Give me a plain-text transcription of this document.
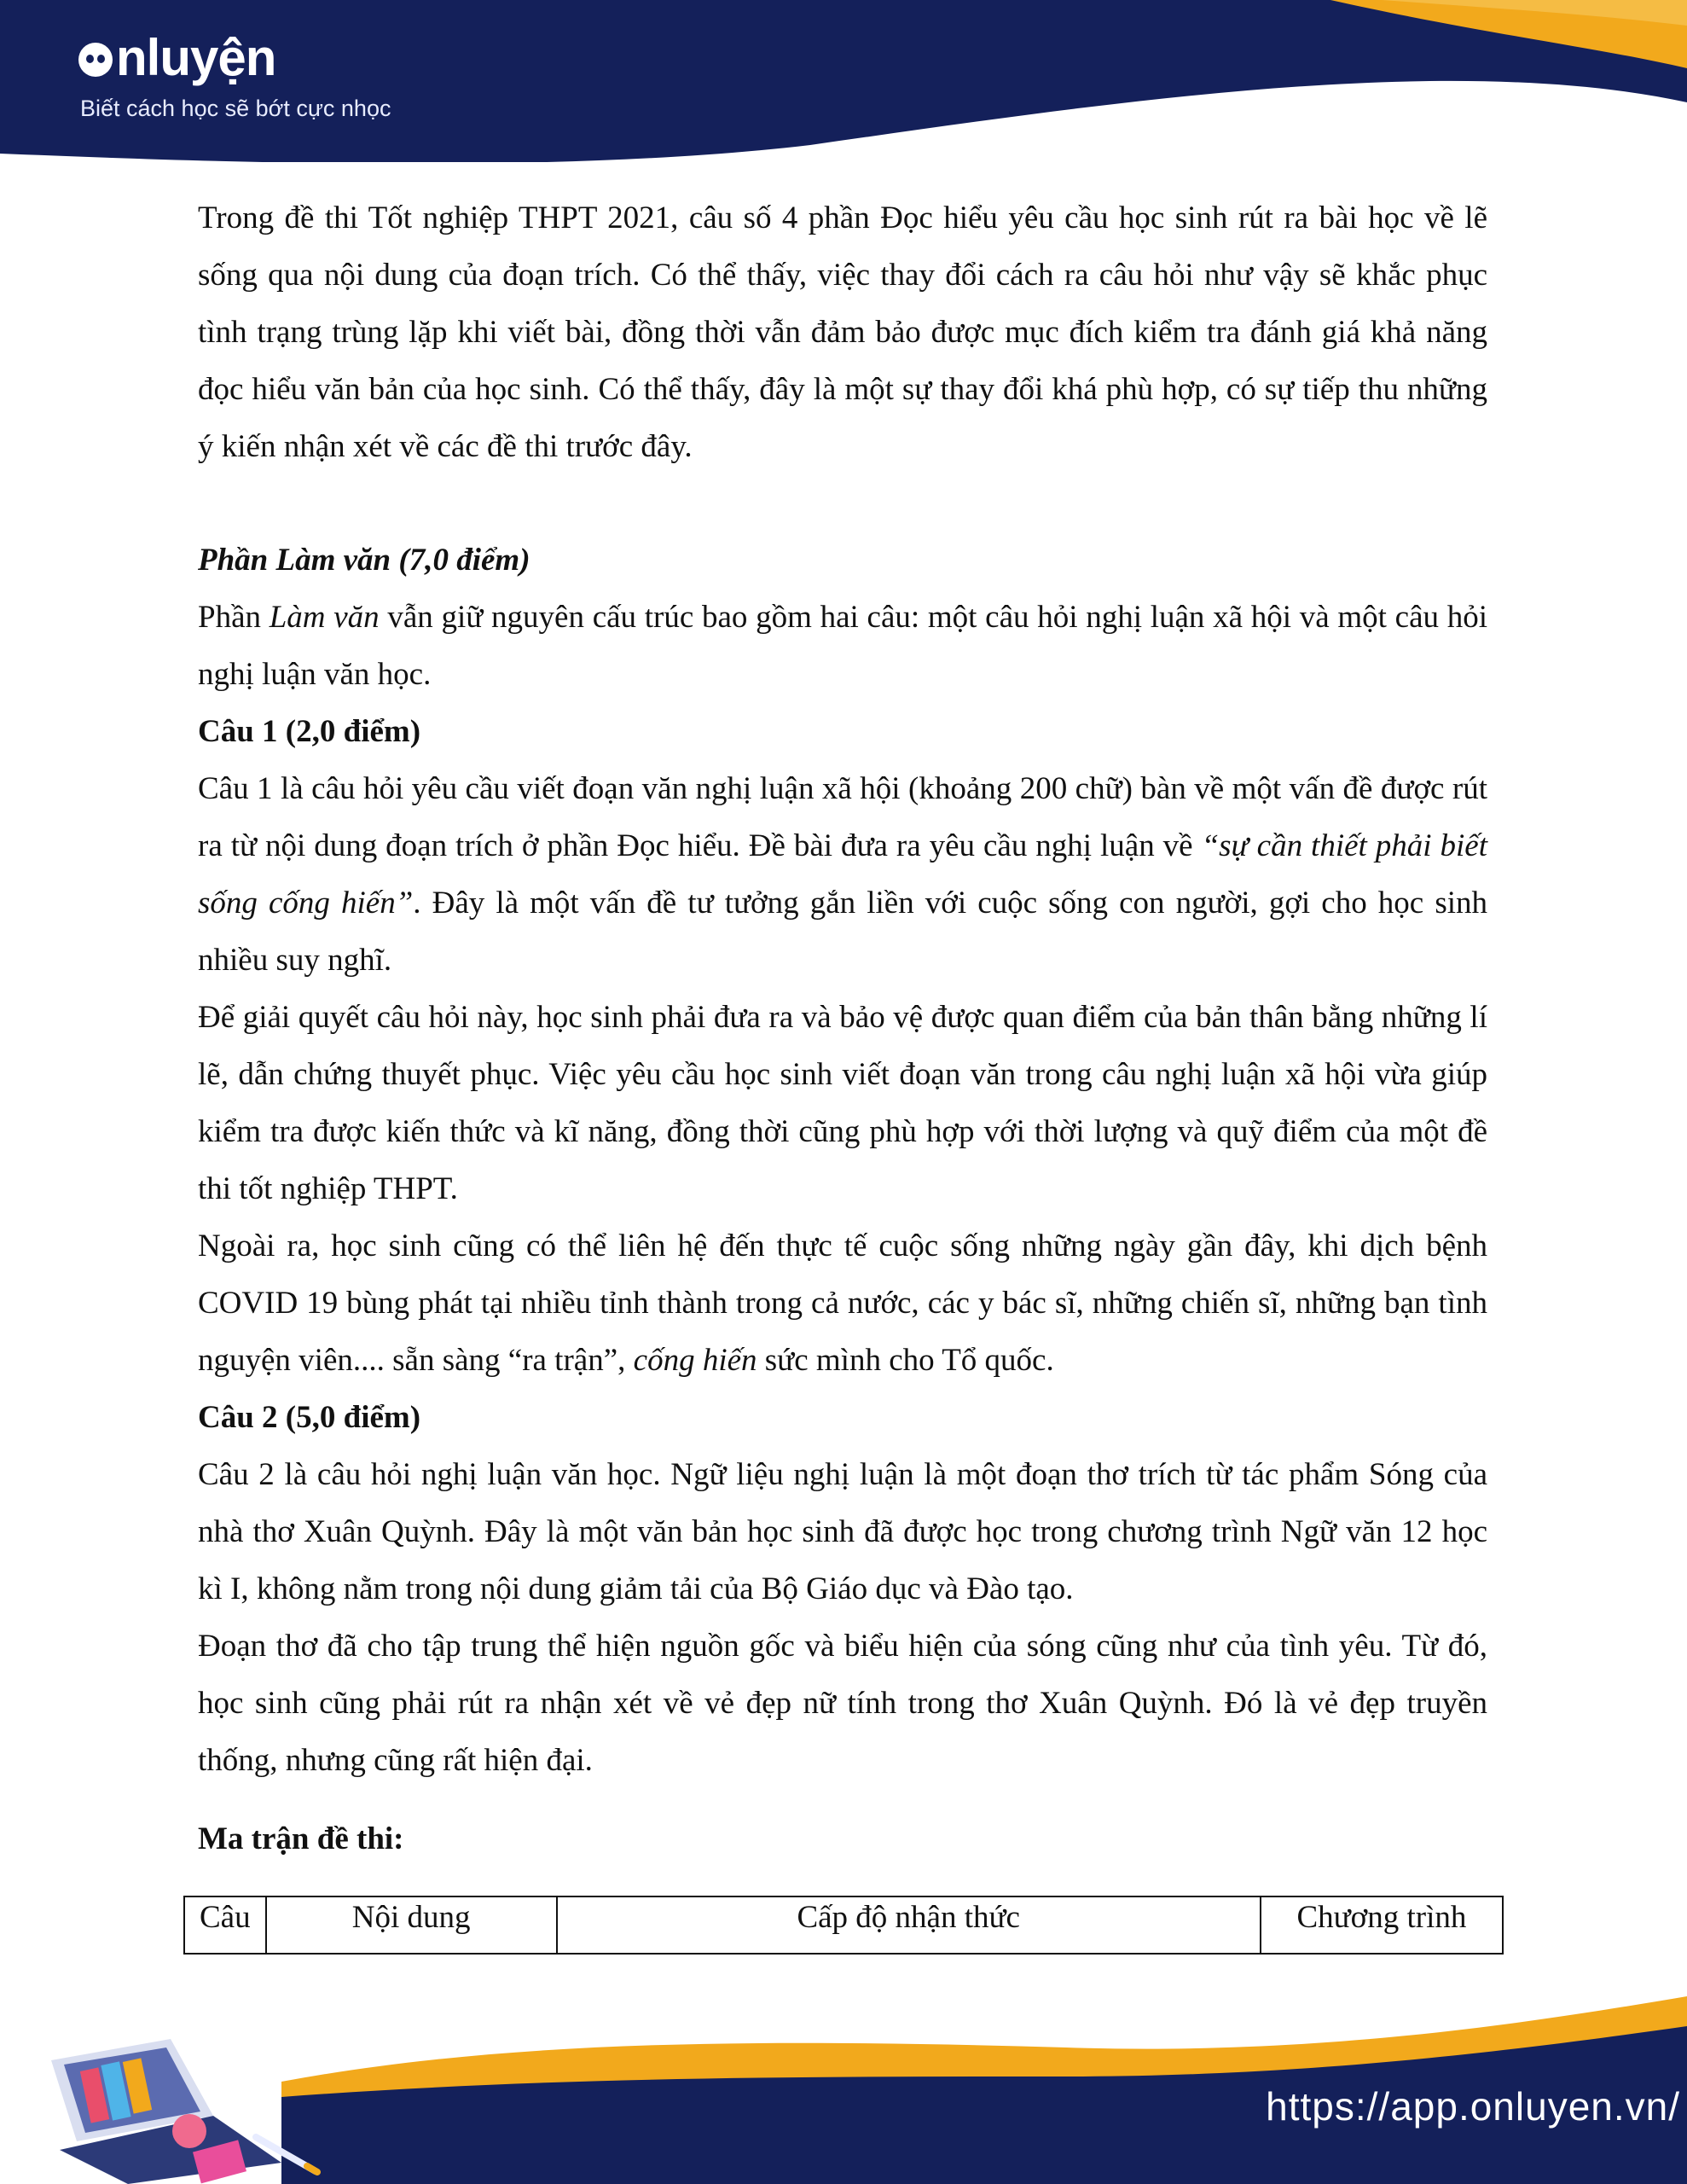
nluyện
Biết cách học sẽ bớt cực nhọc

Trong đề thi Tốt nghiệp THPT 2021, câu số 4 phần Đọc hiểu yêu cầu học sinh rút ra bài học về lẽ sống qua nội dung của đoạn trích. Có thể thấy, việc thay đổi cách ra câu hỏi như vậy sẽ khắc phục tình trạng trùng lặp khi viết bài, đồng thời vẫn đảm bảo được mục đích kiểm tra đánh giá khả năng đọc hiểu văn bản của học sinh. Có thể thấy, đây là một sự thay đổi khá phù hợp, có sự tiếp thu những ý kiến nhận xét về các đề thi trước đây.

Phần Làm văn (7,0 điểm)

Phần Làm văn vẫn giữ nguyên cấu trúc bao gồm hai câu: một câu hỏi nghị luận xã hội và một câu hỏi nghị luận văn học.

Câu 1 (2,0 điểm)

Câu 1 là câu hỏi yêu cầu viết đoạn văn nghị luận xã hội (khoảng 200 chữ) bàn về một vấn đề được rút ra từ nội dung đoạn trích ở phần Đọc hiểu. Đề bài đưa ra yêu cầu nghị luận về “sự cần thiết phải biết sống cống hiến”. Đây là một vấn đề tư tưởng gắn liền với cuộc sống con người, gợi cho học sinh nhiều suy nghĩ.

Để giải quyết câu hỏi này, học sinh phải đưa ra và bảo vệ được quan điểm của bản thân bằng những lí lẽ, dẫn chứng thuyết phục. Việc yêu cầu học sinh viết đoạn văn trong câu nghị luận xã hội vừa giúp kiểm tra được kiến thức và kĩ năng, đồng thời cũng phù hợp với thời lượng và quỹ điểm của một đề thi tốt nghiệp THPT.

Ngoài ra, học sinh cũng có thể liên hệ đến thực tế cuộc sống những ngày gần đây, khi dịch bệnh COVID 19 bùng phát tại nhiều tỉnh thành trong cả nước, các y bác sĩ, những chiến sĩ, những bạn tình nguyện viên.... sẵn sàng “ra trận”, cống hiến sức mình cho Tổ quốc.

Câu 2 (5,0 điểm)

Câu 2 là câu hỏi nghị luận văn học. Ngữ liệu nghị luận là một đoạn thơ trích từ tác phẩm Sóng của nhà thơ Xuân Quỳnh. Đây là một văn bản học sinh đã được học trong chương trình Ngữ văn 12 học kì I, không nằm trong nội dung giảm tải của Bộ Giáo dục và Đào tạo.

Đoạn thơ đã cho tập trung thể hiện nguồn gốc và biểu hiện của sóng cũng như của tình yêu. Từ đó, học sinh cũng phải rút ra nhận xét về vẻ đẹp nữ tính trong thơ Xuân Quỳnh. Đó là vẻ đẹp truyền thống, nhưng cũng rất hiện đại.

Ma trận đề thi:

Câu	Nội dung	Cấp độ nhận thức	Chương trình
https://app.onluyen.vn/
